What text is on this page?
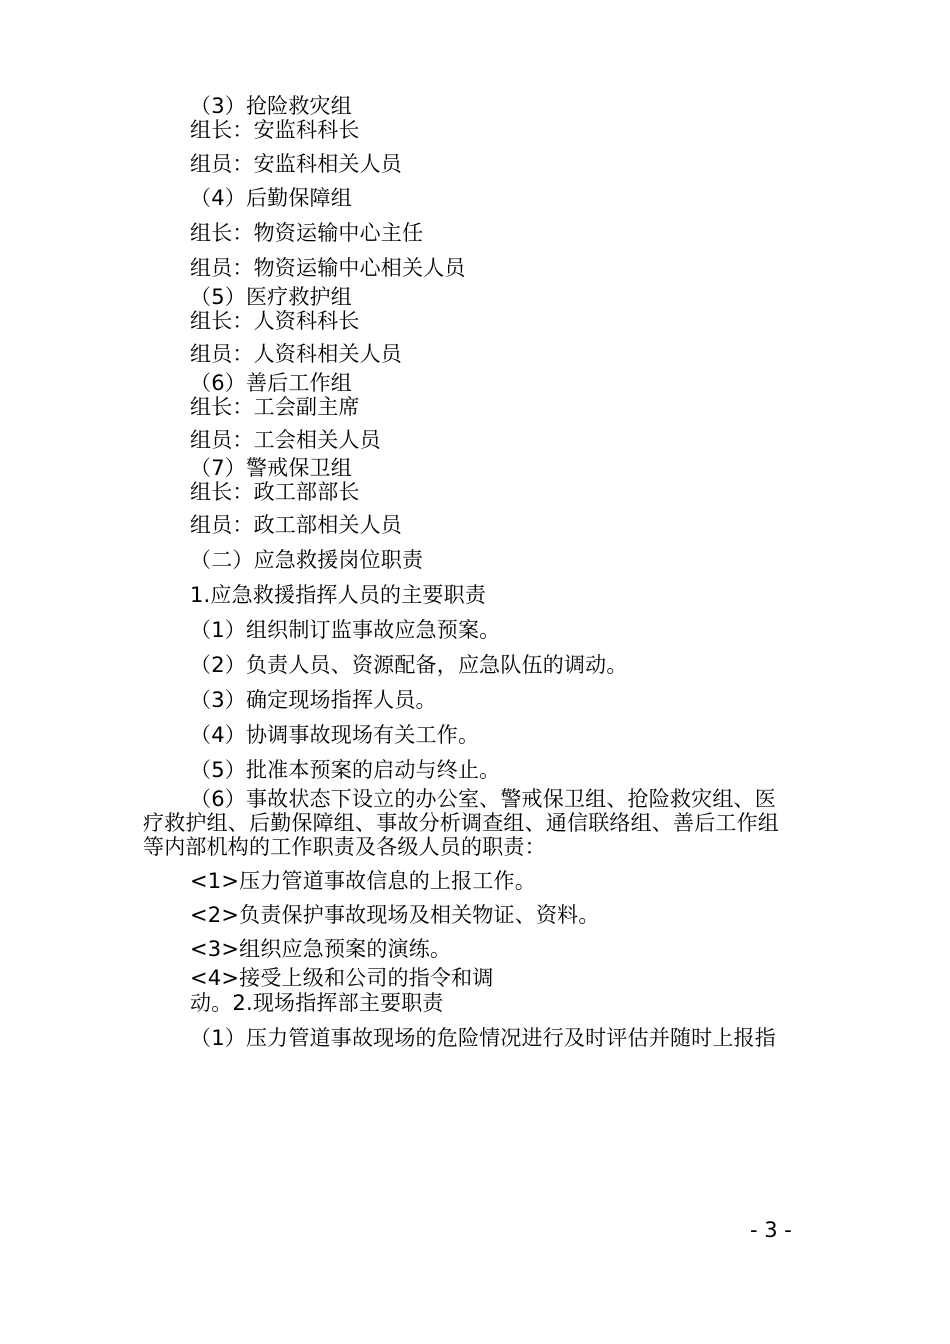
（3）抢险救灾组
组长：安监科科长
组员：安监科相关人员
（4）后勤保障组
组长：物资运输中心主任
组员：物资运输中心相关人员
（5）医疗救护组
组长：人资科科长
组员：人资科相关人员
（6）善后工作组
组长：工会副主席
组员：工会相关人员
（7）警戒保卫组
组长：政工部部长
组员：政工部相关人员
（二）应急救援岗位职责
1.应急救援指挥人员的主要职责
（1）组织制订监事故应急预案。
（2）负责人员、资源配备，应急队伍的调动。
（3）确定现场指挥人员。
（4）协调事故现场有关工作。
（5）批准本预案的启动与终止。
（6）事故状态下设立的办公室、警戒保卫组、抢险救灾组、医
疗救护组、后勤保障组、事故分析调查组、通信联络组、善后工作组
等内部机构的工作职责及各级人员的职责：
<1>压力管道事故信息的上报工作。
<2>负责保护事故现场及相关物证、资料。
<3>组织应急预案的演练。
<4>接受上级和公司的指令和调
动。2.现场指挥部主要职责
（1）压力管道事故现场的危险情况进行及时评估并随时上报指
- 3 -
